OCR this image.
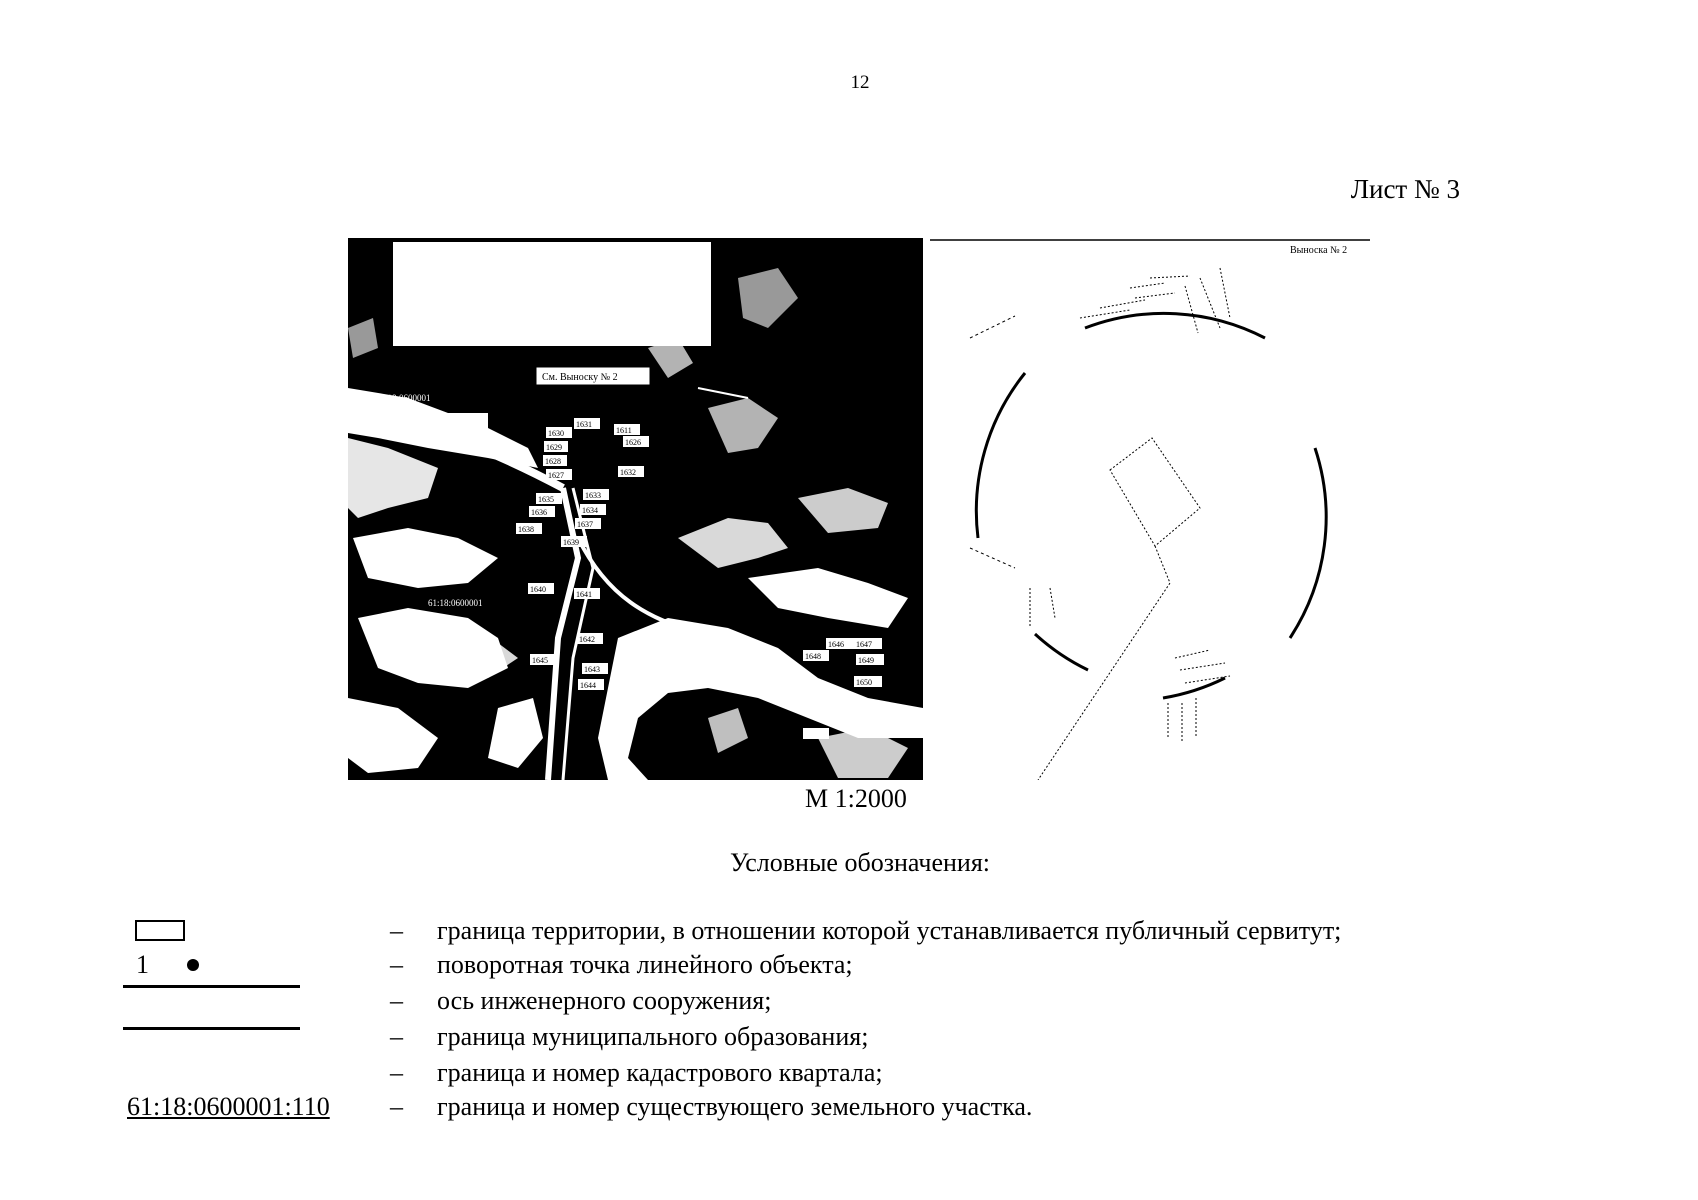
12
Лист № 3
См. Выноску № 2
61:18:0600001
61:18:0600001:110
61:18:0600001:110
61:18:0600001
1631
1630
1629
1628
1627
1611
1626
1632
1633
1634
1635
1636
1637
1638
1639
1640
1641
1642
1643
1644
1645
1646 1647
1648	1649
1650
Выноска № 2
М 1:2000
Условные обозначения:
– граница территории, в отношении которой устанавливается публичный сервитут;
1	– поворотная точка линейного объекта;
– ось инженерного сооружения;
– граница муниципального образования;
– граница и номер кадастрового квартала;
61:18:0600001:110 – граница и номер существующего земельного участка.
